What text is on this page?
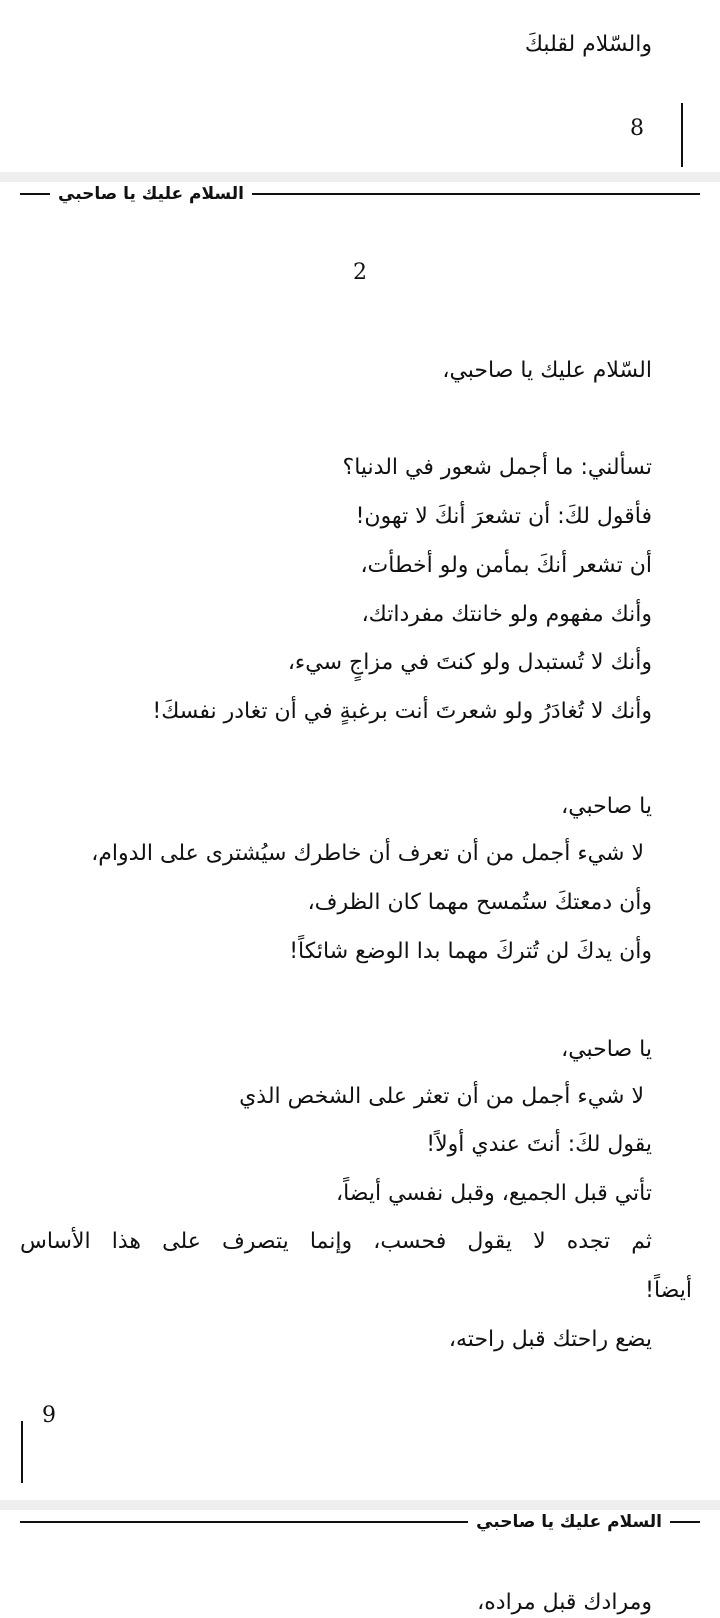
والسّلام لقلبكَ
8
السلام عليك يا صاحبي
2
السّلام عليك يا صاحبي،
تسألني: ما أجمل شعور في الدنيا؟
فأقول لكَ: أن تشعرَ أنكَ لا تهون!
أن تشعر أنكَ بمأمن ولو أخطأت،
وأنك مفهوم ولو خانتك مفرداتك،
وأنك لا تُستبدل ولو كنتَ في مزاجٍ سيء،
وأنك لا تُغادَرُ ولو شعرتَ أنت برغبةٍ في أن تغادر نفسكَ!
يا صاحبي،
لا شيء أجمل من أن تعرف أن خاطرك سيُشترى على الدوام،
وأن دمعتكَ ستُمسح مهما كان الظرف،
وأن يدكَ لن تُتركَ مهما بدا الوضع شائكاً!
يا صاحبي،
لا شيء أجمل من أن تعثر على الشخص الذي
يقول لكَ: أنتَ عندي أولاً!
تأتي قبل الجميع، وقبل نفسي أيضاً،
ثم تجده لا يقول فحسب، وإنما يتصرف على هذا الأساس
أيضاً!
يضع راحتك قبل راحته،
9
السلام عليك يا صاحبي
ومرادك قبل مراده،
